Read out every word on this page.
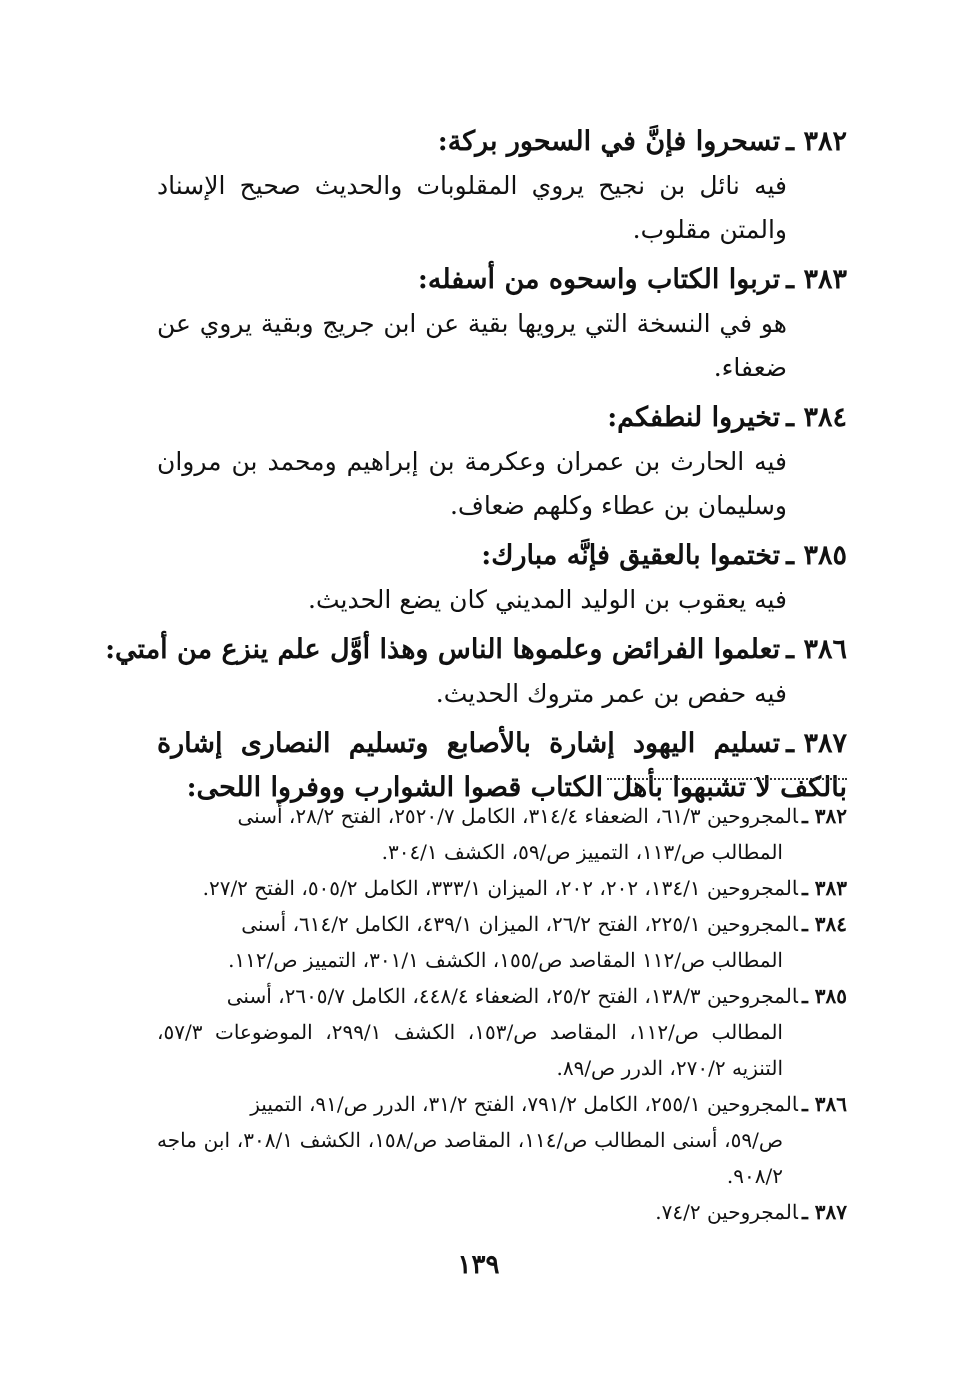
٣٨٢ ـتسحروا فإنَّ في السحور بركة:

فيه نائل بن نجيح يروي المقلوبات والحديث صحيح الإسناد والمتن مقلوب.

٣٨٣ ـتربوا الكتاب واسحوه من أسفله:

هو في النسخة التي يرويها بقية عن ابن جريج وبقية يروي عن ضعفاء.

٣٨٤ ـتخيروا لنطفكم:

فيه الحارث بن عمران وعكرمة بن إبراهيم ومحمد بن مروان وسليمان بن عطاء وكلهم ضعاف.

٣٨٥ ـتختموا بالعقيق فإنَّه مبارك:

فيه يعقوب بن الوليد المديني كان يضع الحديث.

٣٨٦ ـتعلموا الفرائض وعلموها الناس وهذا أوَّل علم ينزع من أمتي:

فيه حفص بن عمر متروك الحديث.

٣٨٧ ـتسليم اليهود إشارة بالأصابع وتسليم النصارى إشارة بالكف لا تشبهوا بأهل الكتاب قصوا الشوارب ووفروا اللحى:

٣٨٢ ـالمجروحين ٦١/٣، الضعفاء ٣١٤/٤، الكامل ٢٥٢٠/٧، الفتح ٢٨/٢، أسنى
المطالب ص/١١٣، التمييز ص/٥٩، الكشف ٣٠٤/١.

٣٨٣ ـالمجروحين ١٣٤/١، ٢٠٢، ٢٠٢، الميزان ٣٣٣/١، الكامل ٥٠٥/٢، الفتح ٢٧/٢.

٣٨٤ ـالمجروحين ٢٢٥/١، الفتح ٢٦/٢، الميزان ٤٣٩/١، الكامل ٦١٤/٢، أسنى
المطالب ص/١١٢ المقاصد ص/١٥٥، الكشف ٣٠١/١، التمييز ص/١١٢.

٣٨٥ ـالمجروحين ١٣٨/٣، الفتح ٢٥/٢، الضعفاء ٤٤٨/٤، الكامل ٢٦٠٥/٧، أسنى
المطالب ص/١١٢، المقاصد ص/١٥٣، الكشف ٢٩٩/١، الموضوعات ٥٧/٣، التنزيه ٢٧٠/٢، الدرر ص/٨٩.

٣٨٦ ـالمجروحين ٢٥٥/١، الكامل ٧٩١/٢، الفتح ٣١/٢، الدرر ص/٩١، التمييز
ص/٥٩، أسنى المطالب ص/١١٤، المقاصد ص/١٥٨، الكشف ٣٠٨/١، ابن ماجه ٩٠٨/٢.

٣٨٧ ـالمجروحين ٧٤/٢.

١٣٩
